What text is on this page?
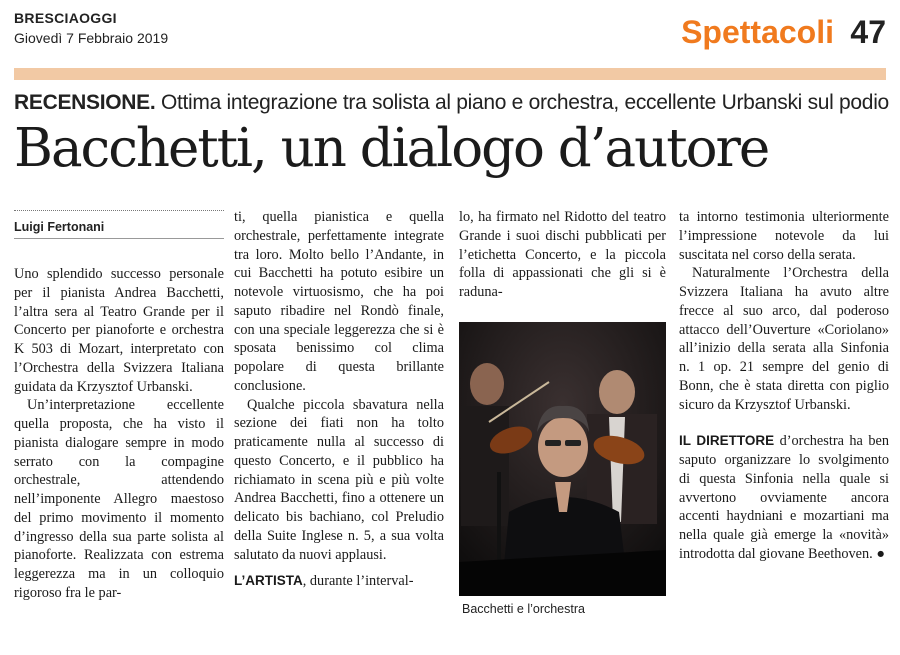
BRESCIAOGGI
Giovedì 7 Febbraio 2019	Spettacoli 47
RECENSIONE. Ottima integrazione tra solista al piano e orchestra, eccellente Urbanski sul podio
Bacchetti, un dialogo d’autore
Luigi Fertonani

Uno splendido successo personale per il pianista Andrea Bacchetti, l’altra sera al Teatro Grande per il Concerto per pianoforte e orchestra K 503 di Mozart, interpretato con l’Orchestra della Svizzera Italiana guidata da Krzysztof Urbanski.

Un’interpretazione eccellente quella proposta, che ha visto il pianista dialogare sempre in modo serrato con la compagine orchestrale, attendendo nell’imponente Allegro maestoso del primo movimento il momento d’ingresso della sua parte solista al pianoforte. Realizzata con estrema leggerezza ma in un colloquio rigoroso fra le par-

ti, quella pianistica e quella orchestrale, perfettamente integrate tra loro. Molto bello l’Andante, in cui Bacchetti ha potuto esibire un notevole virtuosismo, che ha poi saputo ribadire nel Rondò finale, con una speciale leggerezza che si è sposata benissimo col clima popolare di questa brillante conclusione.

Qualche piccola sbavatura nella sezione dei fiati non ha tolto praticamente nulla al successo di questo Concerto, e il pubblico ha richiamato in scena più e più volte Andrea Bacchetti, fino a ottenere un delicato bis bachiano, col Preludio della Suite Inglese n. 5, a sua volta salutato da nuovi applausi.

L’ARTISTA, durante l’interval-

lo, ha firmato nel Ridotto del teatro Grande i suoi dischi pubblicati per l’etichetta Concerto, e la piccola folla di appassionati che gli si è raduna-

Bacchetti e l’orchestra

ta intorno testimonia ulteriormente l’impressione notevole da lui suscitata nel corso della serata.

Naturalmente l’Orchestra della Svizzera Italiana ha avuto altre frecce al suo arco, dal poderoso attacco dell’Ouverture «Coriolano» all’inizio della serata alla Sinfonia n. 1 op. 21 sempre del genio di Bonn, che è stata diretta con piglio sicuro da Krzysztof Urbanski.

IL DIRETTORE d’orchestra ha ben saputo organizzare lo svolgimento di questa Sinfonia nella quale si avvertono ovviamente ancora accenti haydniani e mozartiani ma nella quale già emerge la «novità» introdotta dal giovane Beethoven. ●
